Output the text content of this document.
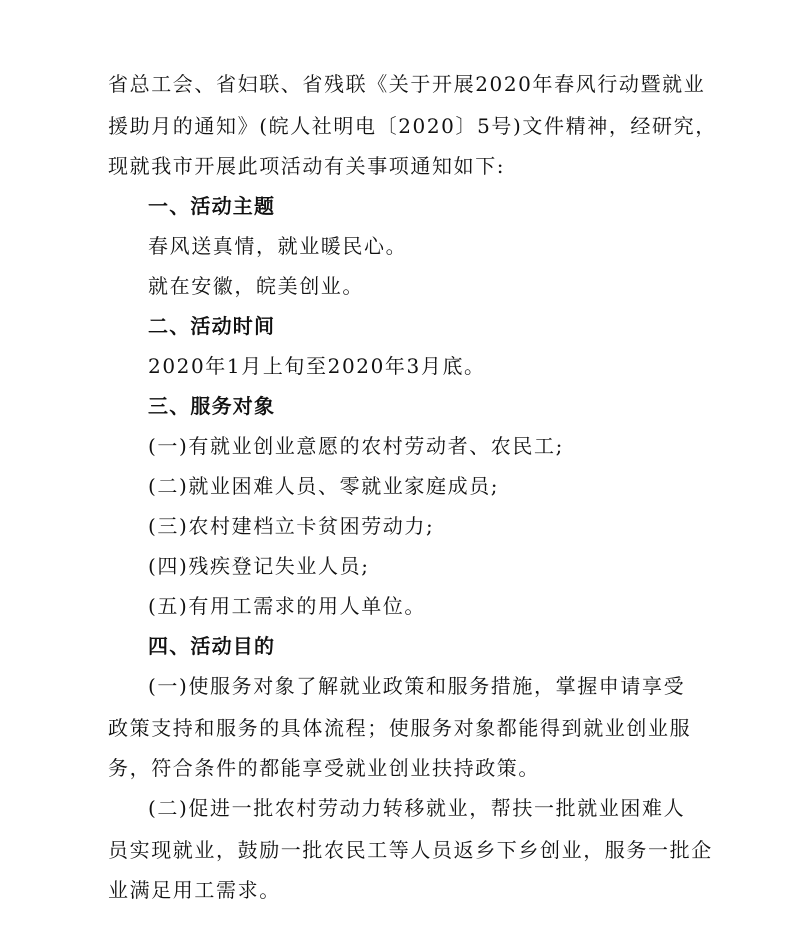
省总工会、省妇联、省残联《关于开展2020年春风行动暨就业
援助月的通知》(皖人社明电〔2020〕5号)文件精神，经研究，
现就我市开展此项活动有关事项通知如下:
一、活动主题
春风送真情，就业暖民心。
就在安徽，皖美创业。
二、活动时间
2020年1月上旬至2020年3月底。
三、服务对象
(一)有就业创业意愿的农村劳动者、农民工;
(二)就业困难人员、零就业家庭成员;
(三)农村建档立卡贫困劳动力;
(四)残疾登记失业人员;
(五)有用工需求的用人单位。
四、活动目的
(一)使服务对象了解就业政策和服务措施，掌握申请享受
政策支持和服务的具体流程；使服务对象都能得到就业创业服
务，符合条件的都能享受就业创业扶持政策。
(二)促进一批农村劳动力转移就业，帮扶一批就业困难人
员实现就业，鼓励一批农民工等人员返乡下乡创业，服务一批企
业满足用工需求。
